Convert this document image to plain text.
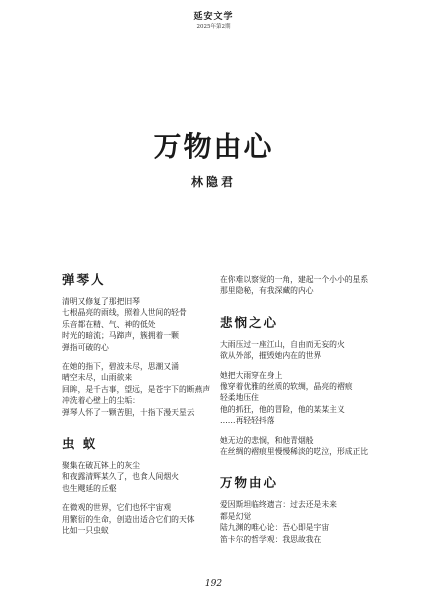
延安文学
2025年第2期
万物由心
林隐君
弹琴人
清明又修复了那把旧琴
七根晶亮的雨线，照着人世间的轻骨
乐音都在精、气、神的低处
时光的暗流；马蹄声，簇拥着一颗
弹指可破的心
在她的指下，碧波未尽，思潮又涌
晴空未尽，山雨欲来
回眸，是千古事，望远，是苍宇下的断燕声
冲洗着心壁上的尘垢：
弹琴人怀了一颗苦胆，十指下漫天星云
虫 蚁
聚集在破瓦钵上的灰尘
和夜露清辉某久了，也食人间烟火
也生飕延的丘壑
在微观的世界，它们也怀宇宙观
用繁衍的生命，创造出适合它们的天体
比如一只虫蚁
在你难以察觉的一角，建起一个小小的星系
那里隐秘，有我深藏的内心
悲悯之心
大雨压过一座江山，自由而无妄的火
欲从外部，摧毁她内在的世界
她把大雨穿在身上
像穿着优雅的丝质的软绸，晶亮的褶痕
轻柔地压住
他的抓狂，他的冒险，他的某某主义
……再轻轻抖落
她无边的悲悯，和他青烟般
在丝绸的褶痕里慢慢稀淡的呓泣，形成正比
万物由心
爱因斯坦临终遗言：过去还是未来
都是幻觉
陆九渊的唯心论：吾心即是宇宙
笛卡尔的哲学观：我思故我在
192
